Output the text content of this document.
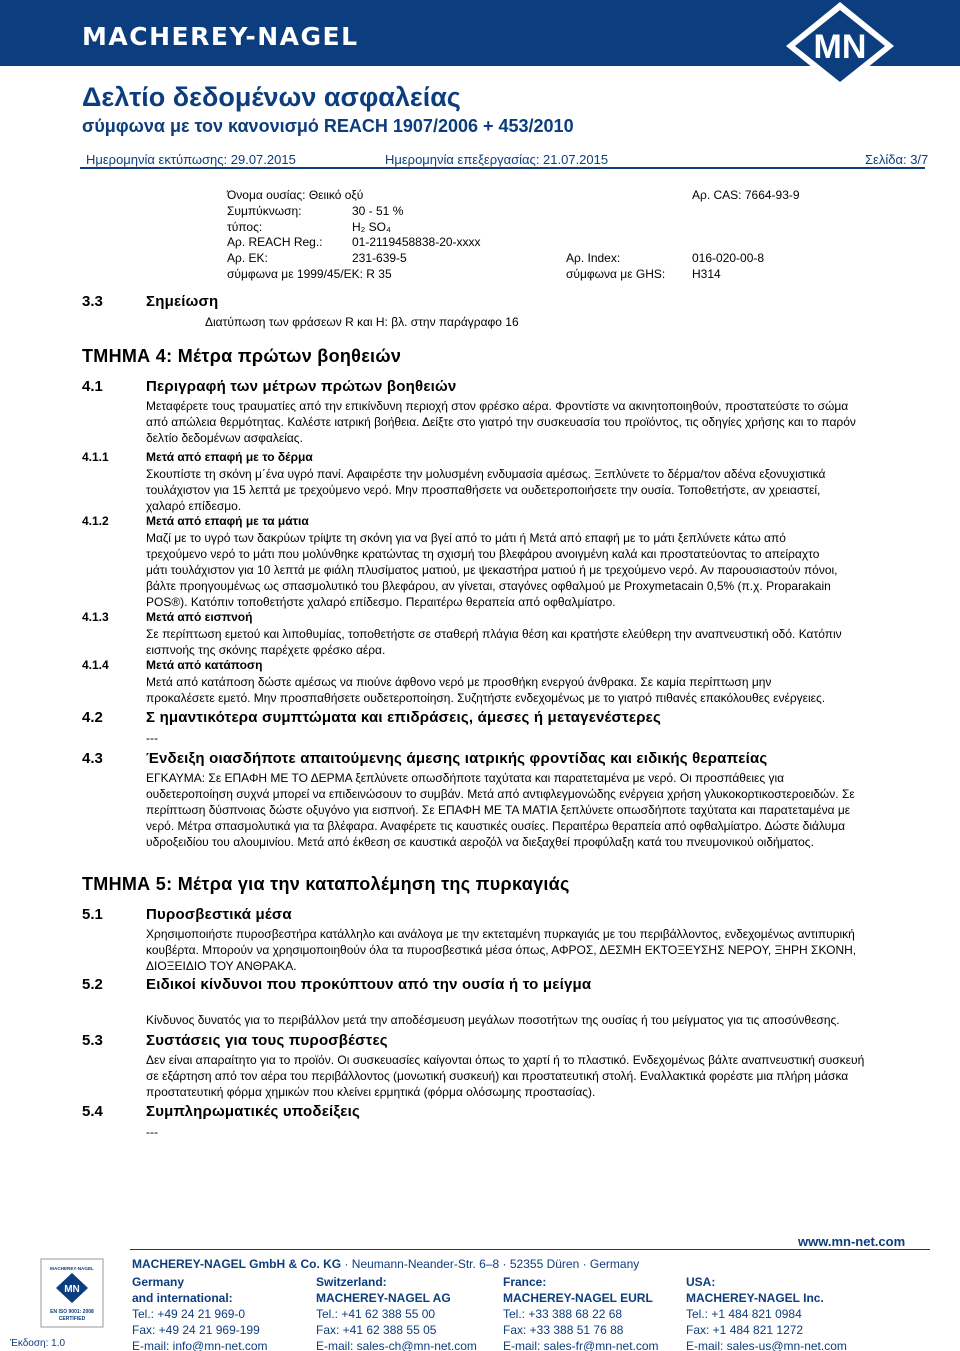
MACHEREY-NAGEL	MN
Δελτίο δεδομένων ασφαλείας
σύμφωνα με τον κανονισμό REACH 1907/2006 + 453/2010
Ημερομηνία εκτύπωσης: 29.07.2015	Ημερομηνία επεξεργασίας: 21.07.2015	Σελίδα: 3/7
Όνομα ουσίας: Θειικό οξύ	Αρ. CAS: 7664-93-9
Συμπύκνωση:	30 - 51 %
τύπος:	H₂ SO₄
Αρ. REACH Reg.: 01-2119458838-20-xxxx
Αρ. ΕΚ:	231-639-5	Αρ. Index:	016-020-00-8
σύμφωνα με 1999/45/ΕΚ: R 35	σύμφωνα με GHS: H314
3.3	Σημείωση
Διατύπωση των φράσεων R και H: βλ. στην παράγραφο 16
ΤΜΗΜΑ 4: Μέτρα πρώτων βοηθειών
4.1	Περιγραφή των μέτρων πρώτων βοηθειών
Μεταφέρετε τους τραυματίες από την επικίνδυνη περιοχή στον φρέσκο αέρα. Φροντίστε να ακινητοποιηθούν, προστατεύστε το σώμα
από απώλεια θερμότητας. Καλέστε ιατρική βοήθεια. Δείξτε στο γιατρό την συσκευασία του προϊόντος, τις οδηγίες χρήσης και το παρόν
δελτίο δεδομένων ασφαλείας.
4.1.1	Μετά από επαφή με το δέρμα
Σκουπίστε τη σκόνη μ΄ένα υγρό πανί. Αφαιρέστε την μολυσμένη ενδυμασία αμέσως. Ξεπλύνετε το δέρμα/τον αδένα εξονυχιστικά
τουλάχιστον για 15 λεπτά με τρεχούμενο νερό. Μην προσπαθήσετε να ουδετεροποιήσετε την ουσία. Τοποθετήστε, αν χρειαστεί,
χαλαρό επίδεσμο.
4.1.2	Μετά από επαφή με τα μάτια
Μαζί με το υγρό των δακρύων τρίψτε τη σκόνη για να βγεί από το μάτι ή Μετά από επαφή με το μάτι ξεπλύνετε κάτω από
τρεχούμενο νερό το μάτι που μολύνθηκε κρατώντας τη σχισμή του βλεφάρου ανοιγμένη καλά και προστατεύοντας το απείραχτο
μάτι τουλάχιστον για 10 λεπτά με φιάλη πλυσίματος ματιού, με ψεκαστήρα ματιού ή με τρεχούμενο νερό. Αν παρουσιαστούν πόνοι,
βάλτε προηγουμένως ως σπασμολυτικό του βλεφάρου, αν γίνεται, σταγόνες οφθαλμού με Proxymetacain 0,5% (π.χ. Proparakain
POS®). Κατόπιν τοποθετήστε χαλαρό επίδεσμο. Περαιτέρω θεραπεία από οφθαλμίατρο.
4.1.3	Μετά από εισπνοή
Σε περίπτωση εμετού και λιποθυμίας, τοποθετήστε σε σταθερή πλάγια θέση και κρατήστε ελεύθερη την αναπνευστική οδό. Κατόπιν
εισπνοής της σκόνης παρέχετε φρέσκο αέρα.
4.1.4	Μετά από κατάποση
Μετά από κατάποση δώστε αμέσως να πιούνε άφθονο νερό με προσθήκη ενεργού άνθρακα. Σε καμία περίπτωση μην
προκαλέσετε εμετό. Μην προσπαθήσετε ουδετεροποίηση. Συζητήστε ενδεχομένως με το γιατρό πιθανές επακόλουθες ενέργειες.
4.2	Σ ημαντικότερα συμπτώματα και επιδράσεις, άμεσες ή μεταγενέστερες
---
4.3	Ένδειξη οιασδήποτε απαιτούμενης άμεσης ιατρικής φροντίδας και ειδικής θεραπείας
ΕΓΚΑΥΜΑ: Σε ΕΠΑΦΗ ΜΕ ΤΟ ΔΕΡΜΑ ξεπλύνετε οπωσδήποτε ταχύτατα και παρατεταμένα με νερό. Οι προσπάθειες για
ουδετεροποίηση συχνά μπορεί να επιδεινώσουν το συμβάν. Μετά από αντιφλεγμονώδης ενέργεια χρήση γλυκοκορτικοστεροειδών. Σε
περίπτωση δύσπνοιας δώστε οξυγόνο για εισπνοή. Σε ΕΠΑΦΗ ΜΕ ΤΑ ΜΑΤΙΑ ξεπλύνετε οπωσδήποτε ταχύτατα και παρατεταμένα με
νερό. Μέτρα σπασμολυτικά για τα βλέφαρα. Αναφέρετε τις καυστικές ουσίες. Περαιτέρω θεραπεία από οφθαλμίατρο. Δώστε διάλυμα
υδροξειδίου του αλουμινίου. Μετά από έκθεση σε καυστικά αεροζόλ να διεξαχθεί προφύλαξη κατά του πνευμονικού οιδήματος.
ΤΜΗΜΑ 5: Μέτρα για την καταπολέμηση της πυρκαγιάς
5.1	Πυροσβεστικά μέσα
Χρησιμοποιήστε πυροσβεστήρα κατάλληλο και ανάλογα με την εκτεταμένη πυρκαγιάς με του περιβάλλοντος, ενδεχομένως αντιπυρική
κουβέρτα. Μπορούν να χρησιμοποιηθούν όλα τα πυροσβεστικά μέσα όπως, ΑΦΡΟΣ, ΔΕΣΜΗ ΕΚΤΟΞΕΥΣΗΣ ΝΕΡΟΥ, ΞΗΡΗ ΣΚΟΝΗ,
ΔΙΟΞΕΙΔΙΟ ΤΟΥ ΑΝΘΡΑΚΑ.
5.2	Ειδικοί κίνδυνοι που προκύπτουν από την ουσία ή το μείγμα
Κίνδυνος δυνατός για το περιβάλλον μετά την αποδέσμευση μεγάλων ποσοτήτων της ουσίας ή του μείγματος για τις αποσύνθεσης.
5.3	Συστάσεις για τους πυροσβέστες
Δεν είναι απαραίτητο για το προϊόν. Οι συσκευασίες καίγονται όπως το χαρτί ή το πλαστικό. Ενδεχομένως βάλτε αναπνευστική συσκευή
σε εξάρτηση από τον αέρα του περιβάλλοντος (μονωτική συσκευή) και προστατευτική στολή. Εναλλακτικά φορέστε μια πλήρη μάσκα
προστατευτική φόρμα χημικών που κλείνει ερμητικά (φόρμα ολόσωμης προστασίας).
5.4	Συμπληρωματικές υποδείξεις
---
www.mn-net.com
MACHEREY-NAGEL GmbH & Co. KG · Neumann-Neander-Str. 6–8 · 52355 Düren · Germany
MACHEREY-NAGEL
MN
EN ISO 9001: 2008
CERTIFIED
Έκδοση: 1.0
Germany
and international:
Tel.: +49 24 21 969-0
Fax: +49 24 21 969-199
E-mail: info@mn-net.com
Switzerland:
MACHEREY-NAGEL AG
Tel.: +41 62 388 55 00
Fax: +41 62 388 55 05
E-mail: sales-ch@mn-net.com
France:
MACHEREY-NAGEL EURL
Tel.: +33 388 68 22 68
Fax: +33 388 51 76 88
E-mail: sales-fr@mn-net.com
USA:
MACHEREY-NAGEL Inc.
Tel.: +1 484 821 0984
Fax: +1 484 821 1272
E-mail: sales-us@mn-net.com
